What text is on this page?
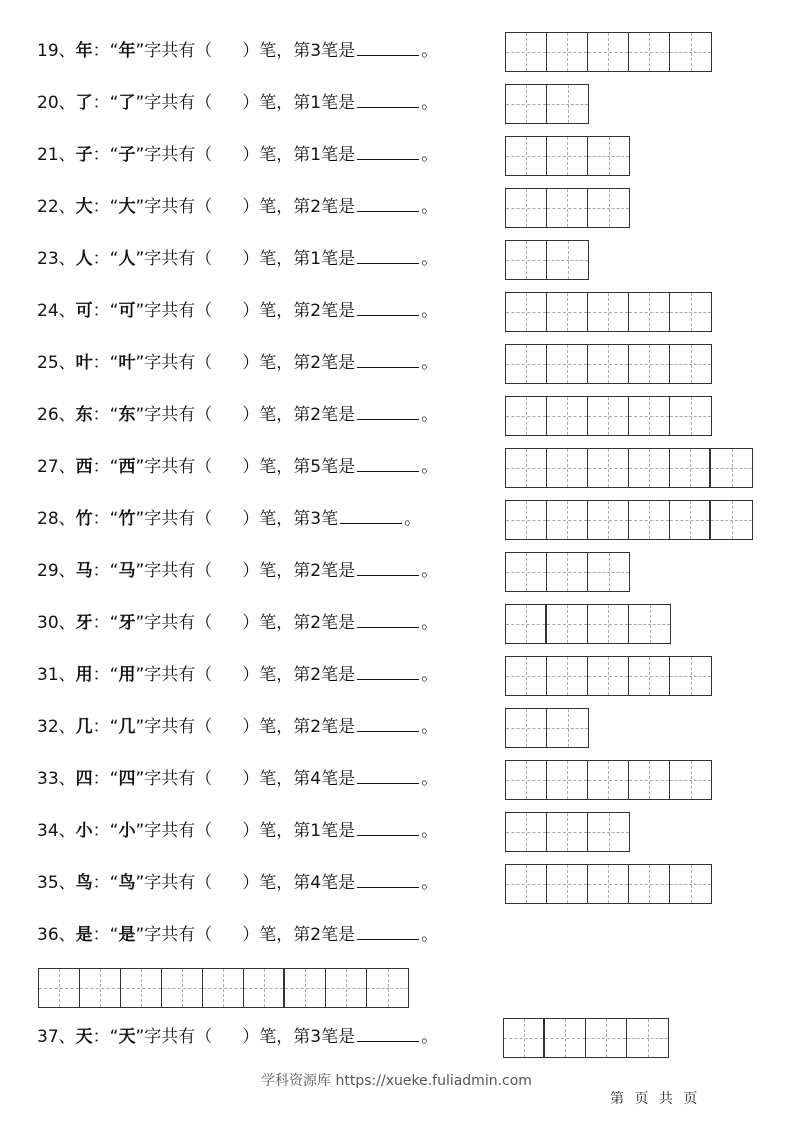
19、 年 ：“ 年 ”字共有（ ）笔，第3笔是	。
20、 了 ：“ 了 ”字共有（ ）笔，第1笔是	。
21、 子 ：“ 子 ”字共有（ ）笔，第1笔是	。
22、 大 ：“ 大 ”字共有（ ）笔，第2笔是	。
23、 人 ：“ 人 ”字共有（ ）笔，第1笔是	。
24、 可 ：“ 可 ”字共有（ ）笔，第2笔是	。
25、 叶 ：“ 叶 ”字共有（ ）笔，第2笔是	。
26、 东 ：“ 东 ”字共有（ ）笔，第2笔是	。
27、 西 ：“ 西 ”字共有（ ）笔，第5笔是	。
28、 竹 ：“ 竹 ”字共有（ ）笔，第3笔	。
29、 马 ：“ 马 ”字共有（ ）笔，第2笔是	。
30、 牙 ：“ 牙 ”字共有（ ）笔，第2笔是	。
31、 用 ：“ 用 ”字共有（ ）笔，第2笔是	。
32、 几 ：“ 几 ”字共有（ ）笔，第2笔是	。
33、 四 ：“ 四 ”字共有（ ）笔，第4笔是	。
34、 小 ：“ 小 ”字共有（ ）笔，第1笔是	。
35、 鸟 ：“ 鸟 ”字共有（ ）笔，第4笔是	。
36、 是 ：“ 是 ”字共有（ ）笔，第2笔是	。
37、 天 ：“ 天 ”字共有（ ）笔，第3笔是	。
学科资源库 https://xueke.fuliadmin.com
第 页 共 页
